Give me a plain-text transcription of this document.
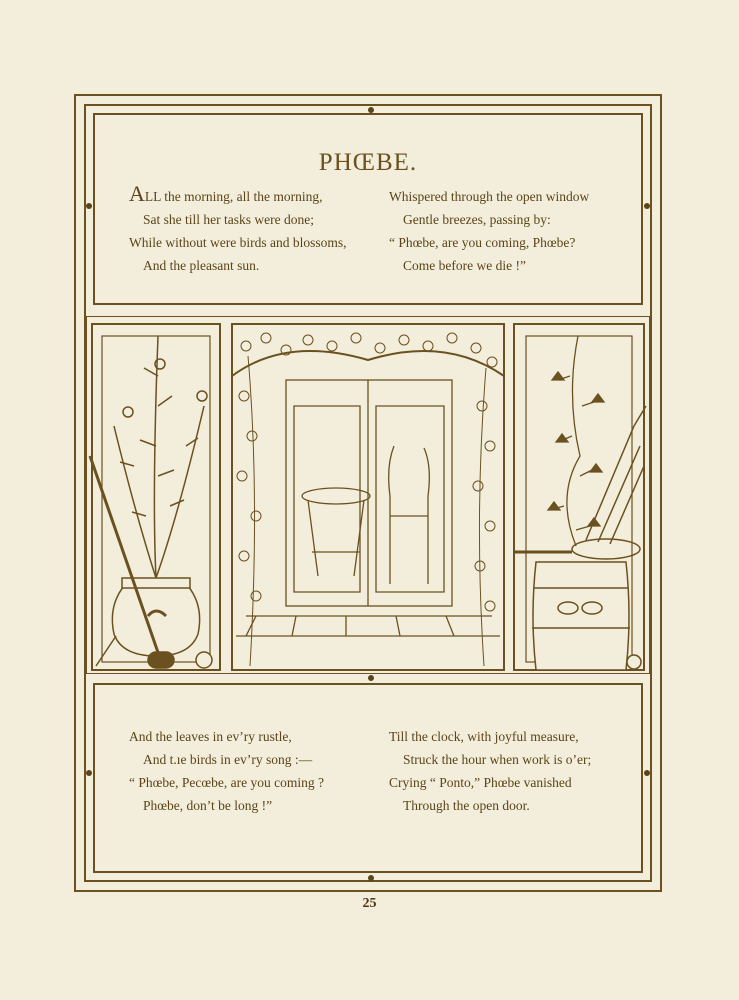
PHŒBE.
ALL the morning, all the morning,
Sat she till her tasks were done;
While without were birds and blossoms,
And the pleasant sun.
Whispered through the open window
Gentle breezes, passing by:
“ Phœbe, are you coming, Phœbe?
Come before we die !”
And the leaves in ev’ry rustle,
And t.ıe birds in ev’ry song :—
“ Phœbe, Pecœbe, are you coming ?
Phœbe, don’t be long !”
Till the clock, with joyful measure,
Struck the hour when work is o’er;
Crying “ Ponto,” Phœbe vanished
Through the open door.
25
